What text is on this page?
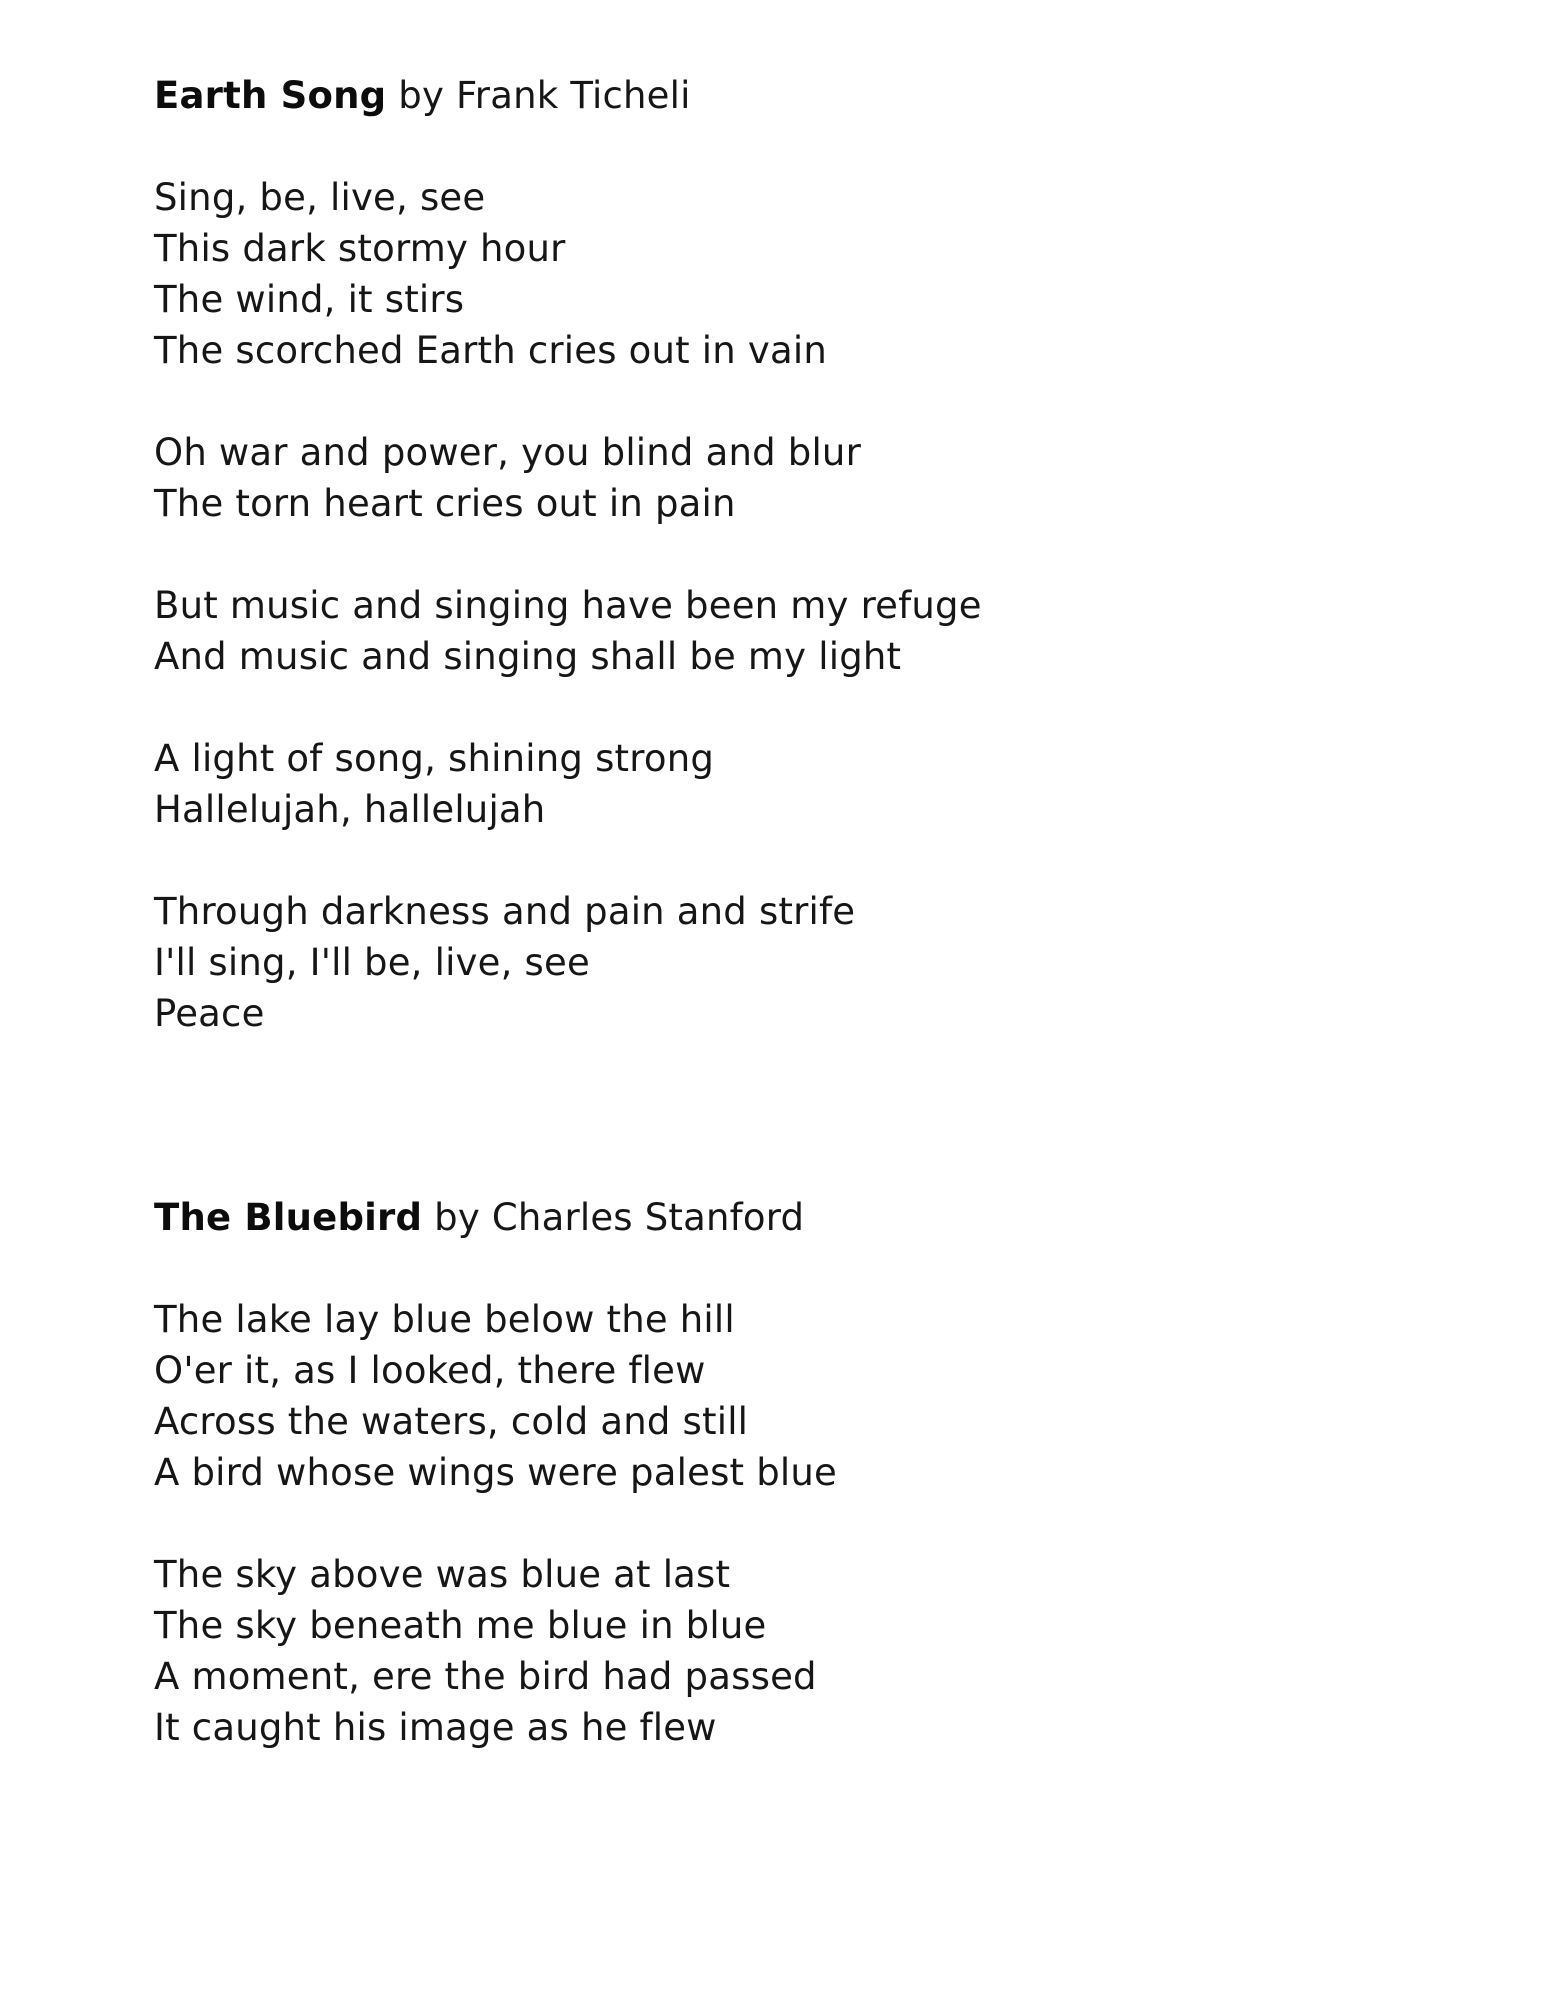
Earth Song by Frank Ticheli
Sing, be, live, see
This dark stormy hour
The wind, it stirs
The scorched Earth cries out in vain
Oh war and power, you blind and blur
The torn heart cries out in pain
But music and singing have been my refuge
And music and singing shall be my light
A light of song, shining strong
Hallelujah, hallelujah
Through darkness and pain and strife
I'll sing, I'll be, live, see
Peace
The Bluebird by Charles Stanford
The lake lay blue below the hill
O'er it, as I looked, there flew
Across the waters, cold and still
A bird whose wings were palest blue
The sky above was blue at last
The sky beneath me blue in blue
A moment, ere the bird had passed
It caught his image as he flew
